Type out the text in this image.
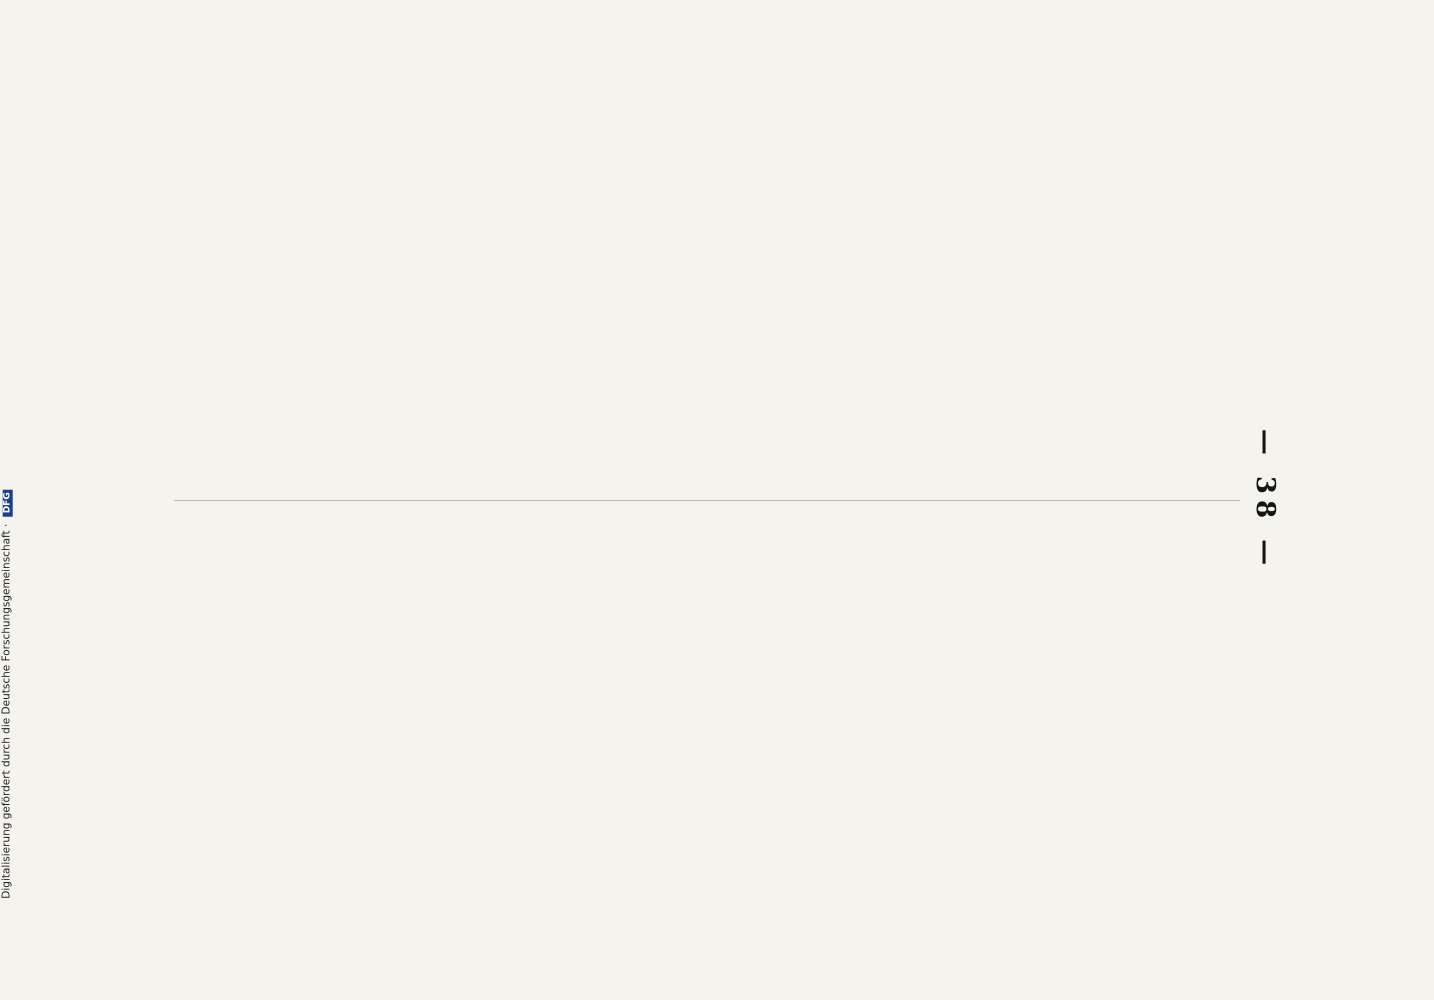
Digitalisierung gefördert durch die Deutsche Forschungsgemeinschaft · DFG	— 38 —
